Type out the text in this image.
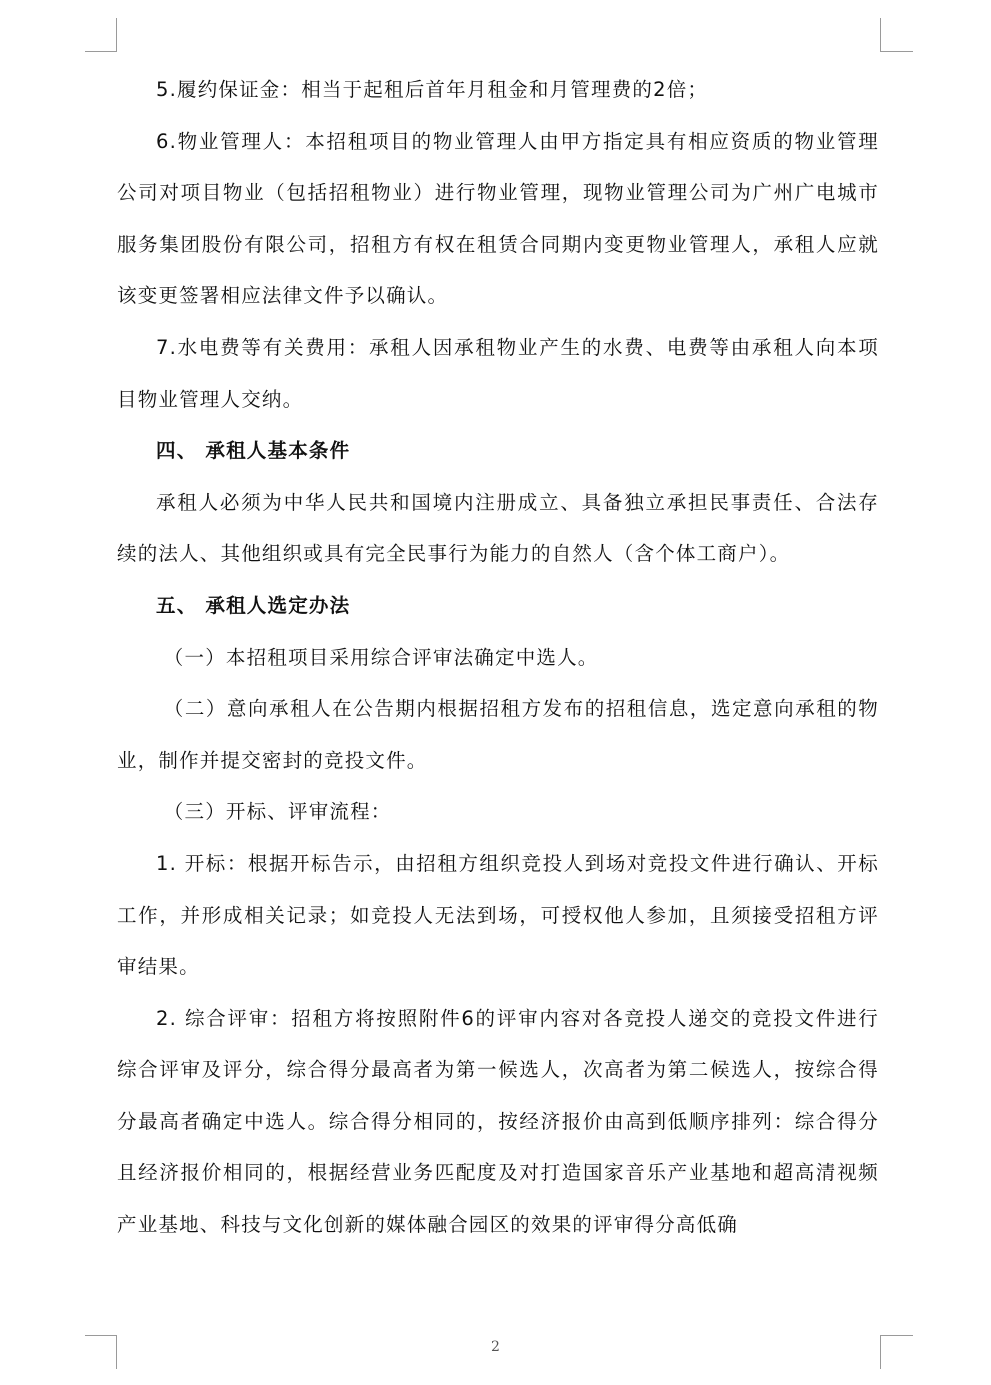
5.履约保证金：相当于起租后首年月租金和月管理费的2倍；

6.物业管理人：本招租项目的物业管理人由甲方指定具有相应资质的物业管理公司对项目物业（包括招租物业）进行物业管理，现物业管理公司为广州广电城市服务集团股份有限公司，招租方有权在租赁合同期内变更物业管理人，承租人应就该变更签署相应法律文件予以确认。

7.水电费等有关费用：承租人因承租物业产生的水费、电费等由承租人向本项目物业管理人交纳。

四、 承租人基本条件

承租人必须为中华人民共和国境内注册成立、具备独立承担民事责任、合法存续的法人、其他组织或具有完全民事行为能力的自然人（含个体工商户）。

五、 承租人选定办法

（一）本招租项目采用综合评审法确定中选人。

（二）意向承租人在公告期内根据招租方发布的招租信息，选定意向承租的物业，制作并提交密封的竞投文件。

（三）开标、评审流程：

1. 开标：根据开标告示，由招租方组织竞投人到场对竞投文件进行确认、开标工作，并形成相关记录；如竞投人无法到场，可授权他人参加，且须接受招租方评审结果。

2. 综合评审：招租方将按照附件6的评审内容对各竞投人递交的竞投文件进行综合评审及评分，综合得分最高者为第一候选人，次高者为第二候选人，按综合得分最高者确定中选人。综合得分相同的，按经济报价由高到低顺序排列：综合得分且经济报价相同的，根据经营业务匹配度及对打造国家音乐产业基地和超高清视频产业基地、科技与文化创新的媒体融合园区的效果的评审得分高低确

2
